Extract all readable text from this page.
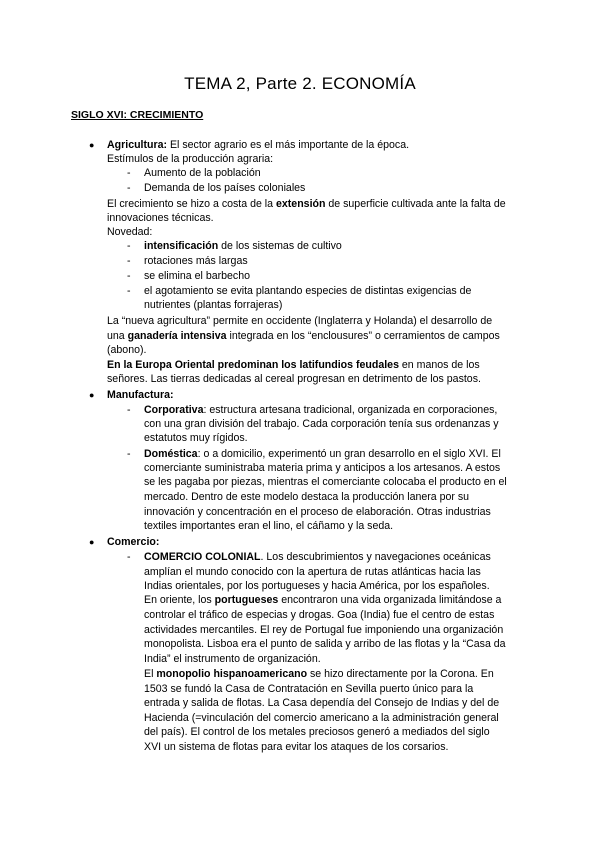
TEMA 2, Parte 2. ECONOMÍA
SIGLO XVI: CRECIMIENTO
● Agricultura: El sector agrario es el más importante de la época.
Estímulos de la producción agraria:
- Aumento de la población
- Demanda de los países coloniales
El crecimiento se hizo a costa de la extensión de superficie cultivada ante la falta de
innovaciones técnicas.
Novedad:
- intensificación de los sistemas de cultivo
- rotaciones más largas
- se elimina el barbecho
- el agotamiento se evita plantando especies de distintas exigencias de
nutrientes (plantas forrajeras)
La “nueva agricultura” permite en occidente (Inglaterra y Holanda) el desarrollo de
una ganadería intensiva integrada en los “enclousures” o cerramientos de campos
(abono).
En la Europa Oriental predominan los latifundios feudales en manos de los
señores. Las tierras dedicadas al cereal progresan en detrimento de los pastos.
● Manufactura:
- Corporativa: estructura artesana tradicional, organizada en corporaciones,
con una gran división del trabajo. Cada corporación tenía sus ordenanzas y
estatutos muy rígidos.
- Doméstica: o a domicilio, experimentó un gran desarrollo en el siglo XVI. El
comerciante suministraba materia prima y anticipos a los artesanos. A estos
se les pagaba por piezas, mientras el comerciante colocaba el producto en el
mercado. Dentro de este modelo destaca la producción lanera por su
innovación y concentración en el proceso de elaboración. Otras industrias
textiles importantes eran el lino, el cáñamo y la seda.
● Comercio:
- COMERCIO COLONIAL. Los descubrimientos y navegaciones oceánicas
amplían el mundo conocido con la apertura de rutas atlánticas hacia las
Indias orientales, por los portugueses y hacia América, por los españoles.
En oriente, los portugueses encontraron una vida organizada limitándose a
controlar el tráfico de especias y drogas. Goa (India) fue el centro de estas
actividades mercantiles. El rey de Portugal fue imponiendo una organización
monopolista. Lisboa era el punto de salida y arribo de las flotas y la “Casa da
India” el instrumento de organización.
El monopolio hispanoamericano se hizo directamente por la Corona. En
1503 se fundó la Casa de Contratación en Sevilla puerto único para la
entrada y salida de flotas. La Casa dependía del Consejo de Indias y del de
Hacienda (=vinculación del comercio americano a la administración general
del país). El control de los metales preciosos generó a mediados del siglo
XVI un sistema de flotas para evitar los ataques de los corsarios.
